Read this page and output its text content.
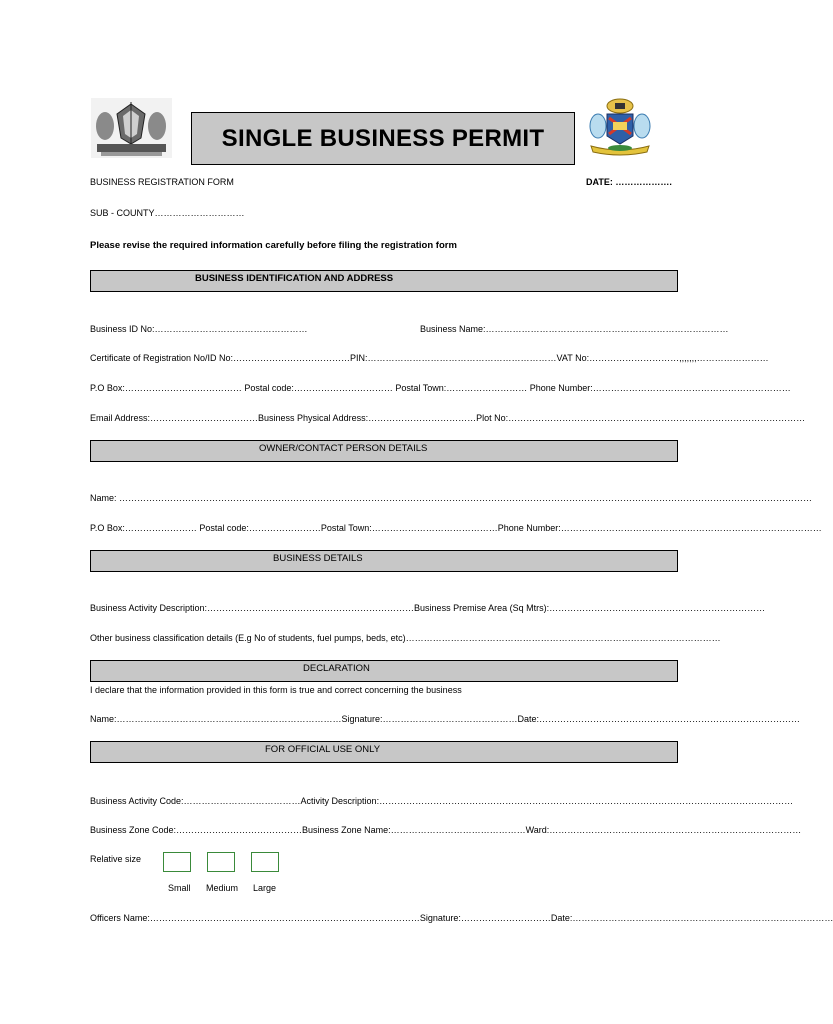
SINGLE BUSINESS PERMIT
BUSINESS REGISTRATION FORM	DATE: ……………….
SUB - COUNTY…………………………
Please revise the required information carefully before filing the registration form
BUSINESS IDENTIFICATION AND ADDRESS
Business ID No:……………………………………………	Business Name:………………………………………………………………………
Certificate of Registration No/ID No:…………………………………PIN:………………………………………………………VAT No:…………………………,,,,,,,……………………
P.O Box:………………………………… Postal code:…………………………… Postal Town:……………………… Phone Number:…………………………………………………………
Email Address:………………………………Business Physical Address:………………………………Plot No:………………………………………………………………………………………
OWNER/CONTACT PERSON DETAILS
Name: ……………………………………………………………………………………………………………………………………………………………………………………………………………
P.O Box:…………………… Postal code:……………………Postal Town:……………………………………Phone Number:……………………………………………………………………………
BUSINESS DETAILS
Business Activity Description:……………………………………………………………Business Premise Area (Sq Mtrs):………………………………………………………………
Other business classification details (E.g No of students, fuel pumps, beds, etc)……………………………………………………………………………………………
DECLARATION
I declare that the information provided in this form is true and correct concerning the business
Name:…………………………………………………………………Signature:………………………………………Date:……………………………………………………………………………
FOR OFFICIAL USE ONLY
Business Activity Code:…………………………………Activity Description:…………………………………………………………………………………………………………………………
Business Zone Code:……………………………………Business Zone Name:………………………………………Ward:…………………………………………………………………………
Relative size
Small Medium Large
Officers Name:………………………………………………………………………………Signature:…………………………Date:……………………………………………………………………………
